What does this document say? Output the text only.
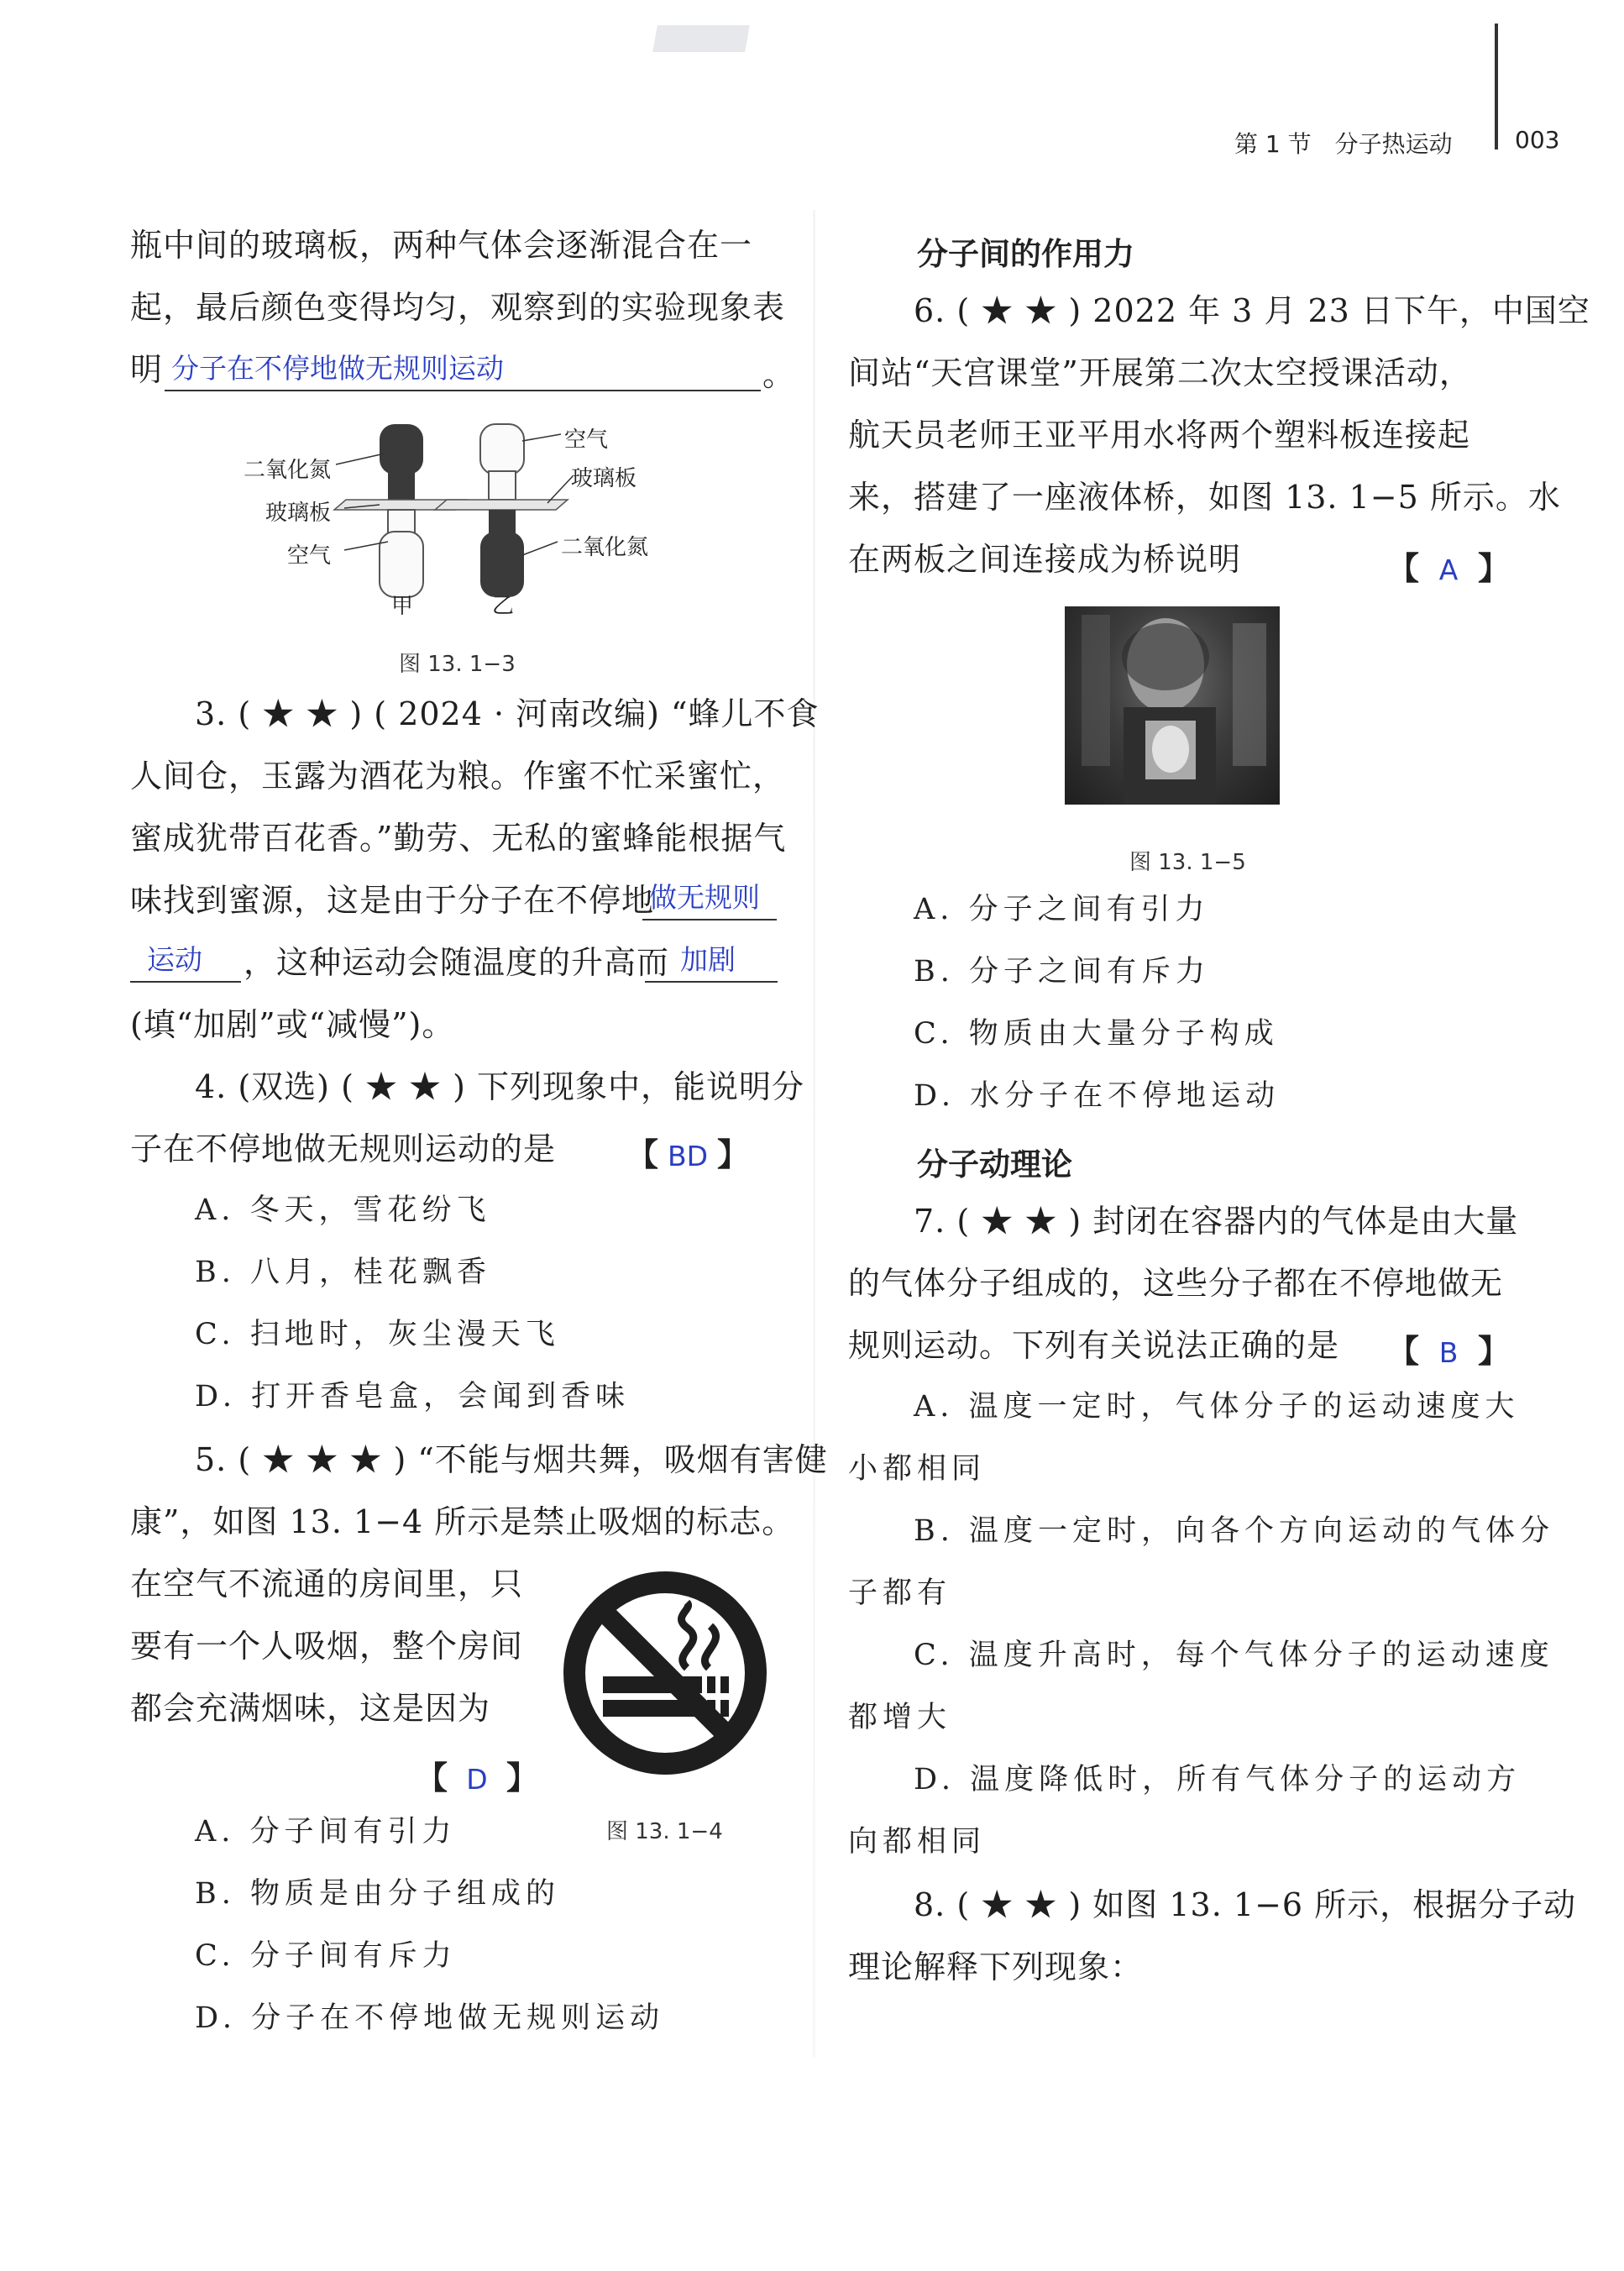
第 1 节　分子热运动	003
瓶中间的玻璃板，两种气体会逐渐混合在一
起，最后颜色变得均匀，观察到的实验现象表
明 分子在不停地做无规则运动	。
二氧化氮
玻璃板
空气
空气
玻璃板
二氧化氮
甲	乙
图 13. 1−3
3. ( ★ ★ ) ( 2024 · 河南改编) “蜂儿不食
人间仓，玉露为酒花为粮。作蜜不忙采蜜忙，
蜜成犹带百花香。”勤劳、无私的蜜蜂能根据气
味找到蜜源，这是由于分子在不停地
做无规则
运动 ，这种运动会随温度的升高而 加剧
(填“加剧”或“减慢”)。
4. (双选) ( ★ ★ ) 下列现象中，能说明分
子在不停地做无规则运动的是 【 BD 】
A. 冬天，雪花纷飞
B. 八月，桂花飘香
C. 扫地时，灰尘漫天飞
D. 打开香皂盒，会闻到香味
5. ( ★ ★ ★ ) “不能与烟共舞，吸烟有害健
康”，如图 13. 1−4 所示是禁止吸烟的标志。
在空气不流通的房间里，只
要有一个人吸烟，整个房间
都会充满烟味，这是因为
【 D 】
图 13. 1−4
A. 分子间有引力
B. 物质是由分子组成的
C. 分子间有斥力
D. 分子在不停地做无规则运动
分子间的作用力
6. ( ★ ★ ) 2022 年 3 月 23 日下午，中国空
间站“天宫课堂”开展第二次太空授课活动，
航天员老师王亚平用水将两个塑料板连接起
来，搭建了一座液体桥，如图 13. 1−5 所示。水
在两板之间连接成为桥说明	【 A 】
图 13. 1−5
A. 分子之间有引力
B. 分子之间有斥力
C. 物质由大量分子构成
D. 水分子在不停地运动
分子动理论
7. ( ★ ★ ) 封闭在容器内的气体是由大量
的气体分子组成的，这些分子都在不停地做无
规则运动。下列有关说法正确的是 【 B 】
A. 温度一定时，气体分子的运动速度大
小都相同
B. 温度一定时，向各个方向运动的气体分
子都有
C. 温度升高时，每个气体分子的运动速度
都增大
D. 温度降低时，所有气体分子的运动方
向都相同
8. ( ★ ★ ) 如图 13. 1−6 所示，根据分子动
理论解释下列现象：
